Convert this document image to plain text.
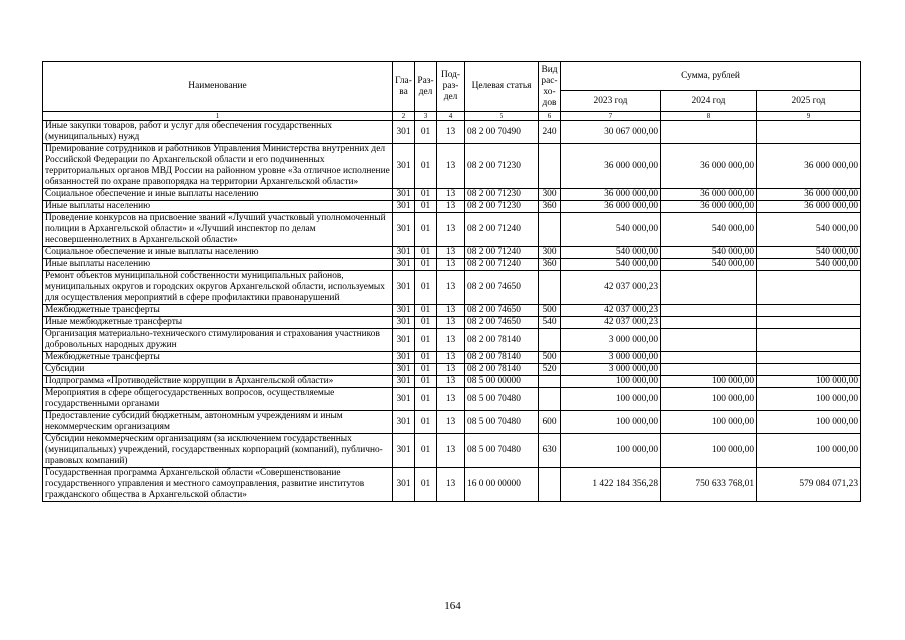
Наименование	Гла-ва	Раз-дел	Под-раз-дел	Целевая статья	Вид рас-хо-дов	Сумма, рублей		
						2023 год	2024 год	2025 год
1	2	3	4	5	6	7	8	9
Иные закупки товаров, работ и услуг для обеспечения государственных (муниципальных) нужд	301	01	13	08 2 00 70490	240	30 067 000,00		
Премирование сотрудников и работников Управления Министерства внутренних дел Российской Федерации по Архангельской области и его подчиненных территориальных органов МВД России на районном уровне «За отличное исполнение обязанностей по охране правопорядка на территории Архангельской области»	301	01	13	08 2 00 71230		36 000 000,00	36 000 000,00	36 000 000,00
Социальное обеспечение и иные выплаты населению	301	01	13	08 2 00 71230	300	36 000 000,00	36 000 000,00	36 000 000,00
Иные выплаты населению	301	01	13	08 2 00 71230	360	36 000 000,00	36 000 000,00	36 000 000,00
Проведение конкурсов на присвоение званий «Лучший участковый уполномоченный полиции в Архангельской области» и «Лучший инспектор по делам несовершеннолетних в Архангельской области»	301	01	13	08 2 00 71240		540 000,00	540 000,00	540 000,00
Социальное обеспечение и иные выплаты населению	301	01	13	08 2 00 71240	300	540 000,00	540 000,00	540 000,00
Иные выплаты населению	301	01	13	08 2 00 71240	360	540 000,00	540 000,00	540 000,00
Ремонт объектов муниципальной собственности муниципальных районов, муниципальных округов и городских округов Архангельской области, используемых для осуществления мероприятий в сфере профилактики правонарушений	301	01	13	08 2 00 74650		42 037 000,23		
Межбюджетные трансферты	301	01	13	08 2 00 74650	500	42 037 000,23		
Иные межбюджетные трансферты	301	01	13	08 2 00 74650	540	42 037 000,23		
Организация материально-технического стимулирования и страхования участников добровольных народных дружин	301	01	13	08 2 00 78140		3 000 000,00		
Межбюджетные трансферты	301	01	13	08 2 00 78140	500	3 000 000,00		
Субсидии	301	01	13	08 2 00 78140	520	3 000 000,00		
Подпрограмма «Противодействие коррупции в Архангельской области»	301	01	13	08 5 00 00000		100 000,00	100 000,00	100 000,00
Мероприятия в сфере общегосударственных вопросов, осуществляемые государственными органами	301	01	13	08 5 00 70480		100 000,00	100 000,00	100 000,00
Предоставление субсидий бюджетным, автономным учреждениям и иным некоммерческим организациям	301	01	13	08 5 00 70480	600	100 000,00	100 000,00	100 000,00
Субсидии некоммерческим организациям (за исключением государственных (муниципальных) учреждений, государственных корпораций (компаний), публично-правовых компаний)	301	01	13	08 5 00 70480	630	100 000,00	100 000,00	100 000,00
Государственная программа Архангельской области «Совершенствование государственного управления и местного самоуправления, развитие институтов гражданского общества в Архангельской области»	301	01	13	16 0 00 00000		1 422 184 356,28	750 633 768,01	579 084 071,23
164
